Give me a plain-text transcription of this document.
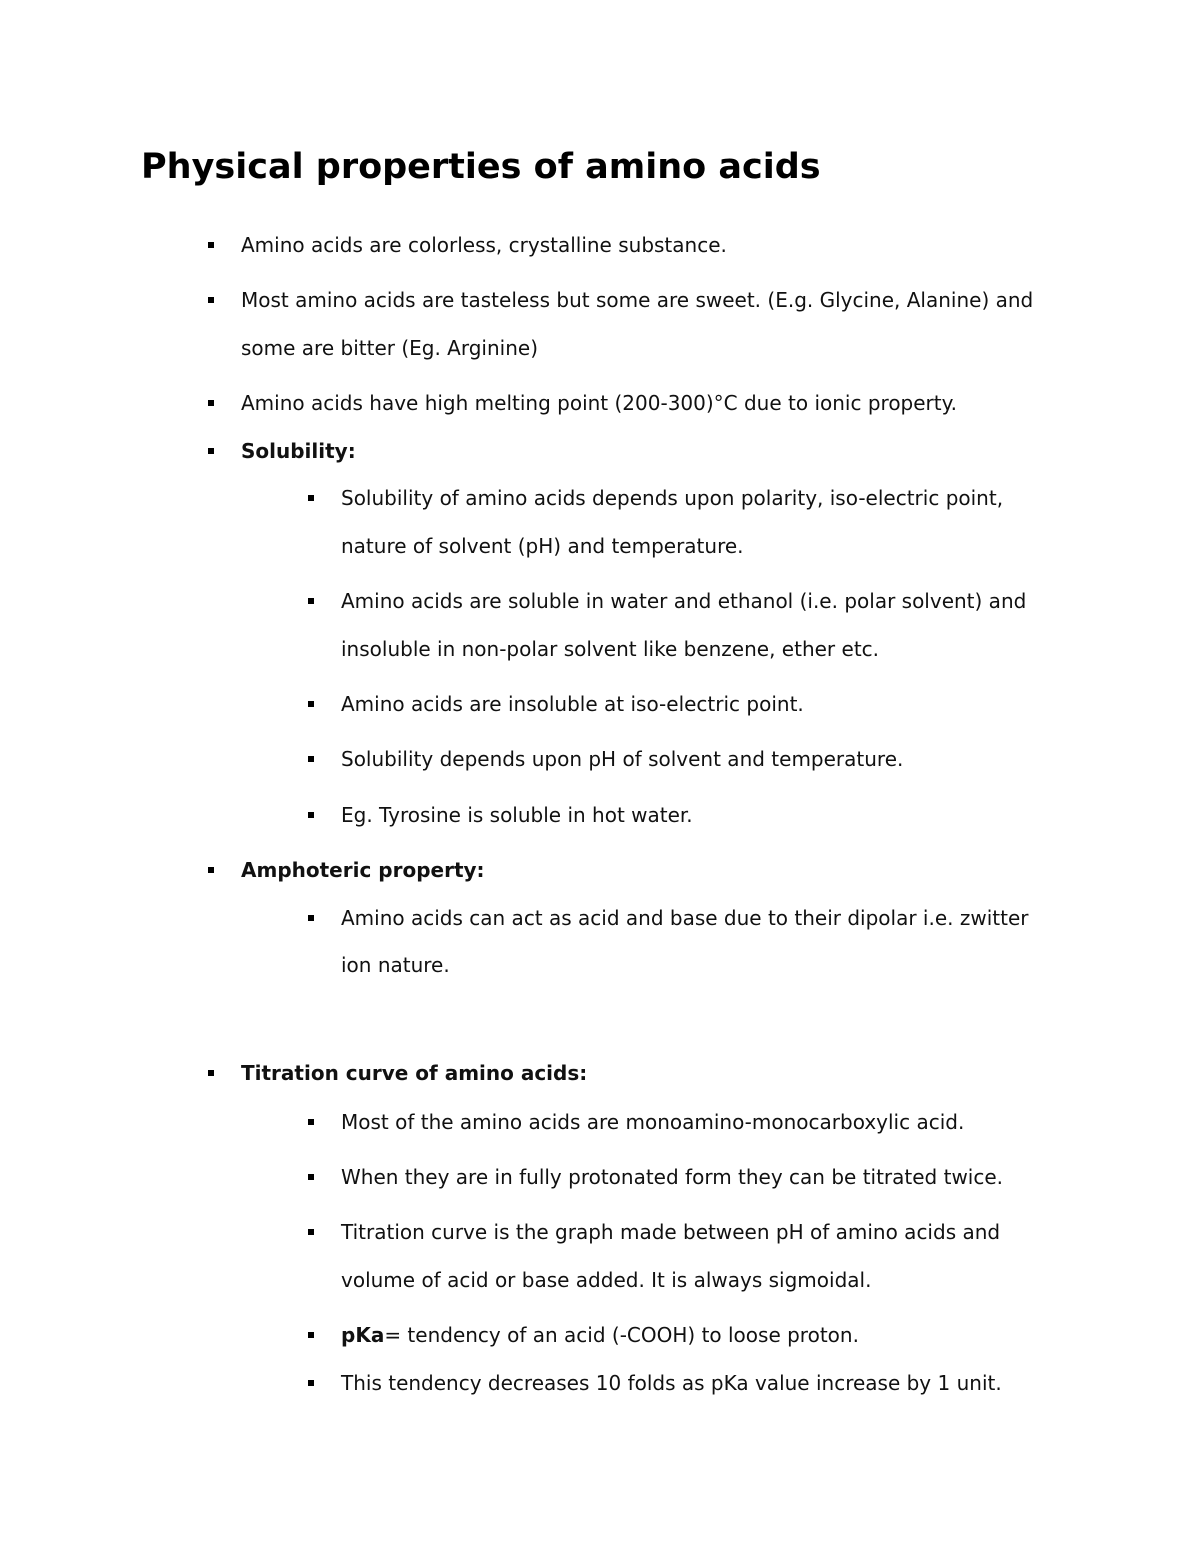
Physical properties of amino acids
Amino acids are colorless, crystalline substance.
Most amino acids are tasteless but some are sweet. (E.g. Glycine, Alanine) and
some are bitter (Eg. Arginine)
Amino acids have high melting point (200-300)°C due to ionic property.
Solubility:
Solubility of amino acids depends upon polarity, iso-electric point,
nature of solvent (pH) and temperature.
Amino acids are soluble in water and ethanol (i.e. polar solvent) and
insoluble in non-polar solvent like benzene, ether etc.
Amino acids are insoluble at iso-electric point.
Solubility depends upon pH of solvent and temperature.
Eg. Tyrosine is soluble in hot water.
Amphoteric property:
Amino acids can act as acid and base due to their dipolar i.e. zwitter
ion nature.
Titration curve of amino acids:
Most of the amino acids are monoamino-monocarboxylic acid.
When they are in fully protonated form they can be titrated twice.
Titration curve is the graph made between pH of amino acids and
volume of acid or base added. It is always sigmoidal.
pKa= tendency of an acid (-COOH) to loose proton.
This tendency decreases 10 folds as pKa value increase by 1 unit.
